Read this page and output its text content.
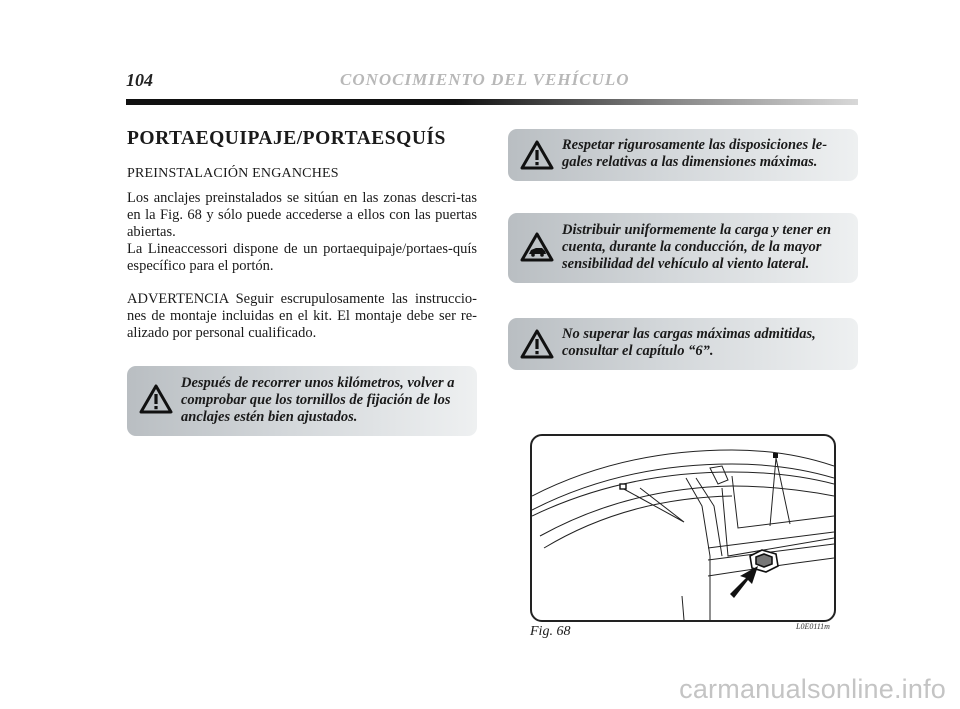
104	CONOCIMIENTO DEL VEHÍCULO
PORTAEQUIPAJE/PORTAESQUÍS
PREINSTALACIÓN ENGANCHES
Los anclajes preinstalados se sitúan en las zonas descri-tas en la Fig. 68 y sólo puede accederse a ellos con las puertas abiertas.
La Lineaccessori dispone de un portaequipaje/portaes-quís específico para el portón.
ADVERTENCIA Seguir escrupulosamente las instruccio-nes de montaje incluidas en el kit. El montaje debe ser re-alizado por personal cualificado.
Después de recorrer unos kilómetros, volver a comprobar que los tornillos de fijación de los anclajes estén bien ajustados.
Respetar rigurosamente las disposiciones le-gales relativas a las dimensiones máximas.
Distribuir uniformemente la carga y tener en cuenta, durante la conducción, de la mayor sensibilidad del vehículo al viento lateral.
No superar las cargas máximas admitidas, consultar el capítulo “6”.
Fig. 68	L0E0111m
carmanualsonline.info
